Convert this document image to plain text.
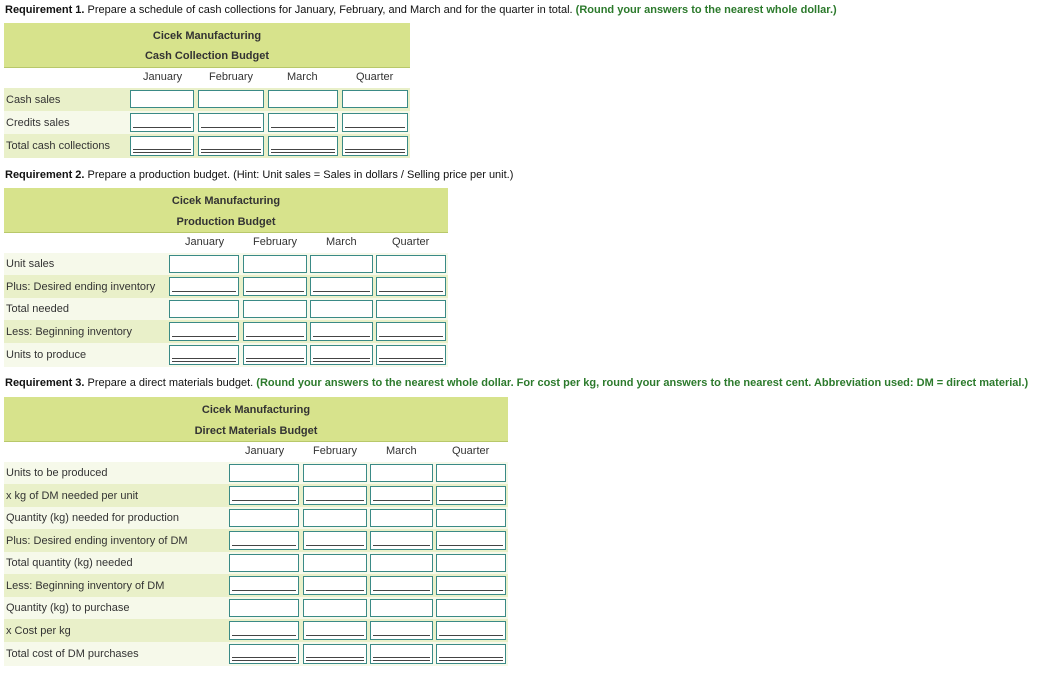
Requirement 1. Prepare a schedule of cash collections for January, February, and March and for the quarter in total. (Round your answers to the nearest whole dollar.)
Cicek Manufacturing
Cash Collection Budget
January February	March	Quarter
Cash sales
Credits sales
Total cash collections
Requirement 2. Prepare a production budget. (Hint: Unit sales = Sales in dollars / Selling price per unit.)
Cicek Manufacturing
Production Budget
January	February	March	Quarter
Unit sales
Plus: Desired ending inventory
Total needed
Less: Beginning inventory
Units to produce
Requirement 3. Prepare a direct materials budget. (Round your answers to the nearest whole dollar. For cost per kg, round your answers to the nearest cent. Abbreviation used: DM = direct material.)
Cicek Manufacturing
Direct Materials Budget
January	February	March	Quarter
Units to be produced
x kg of DM needed per unit
Quantity (kg) needed for production
Plus: Desired ending inventory of DM
Total quantity (kg) needed
Less: Beginning inventory of DM
Quantity (kg) to purchase
x Cost per kg
Total cost of DM purchases
